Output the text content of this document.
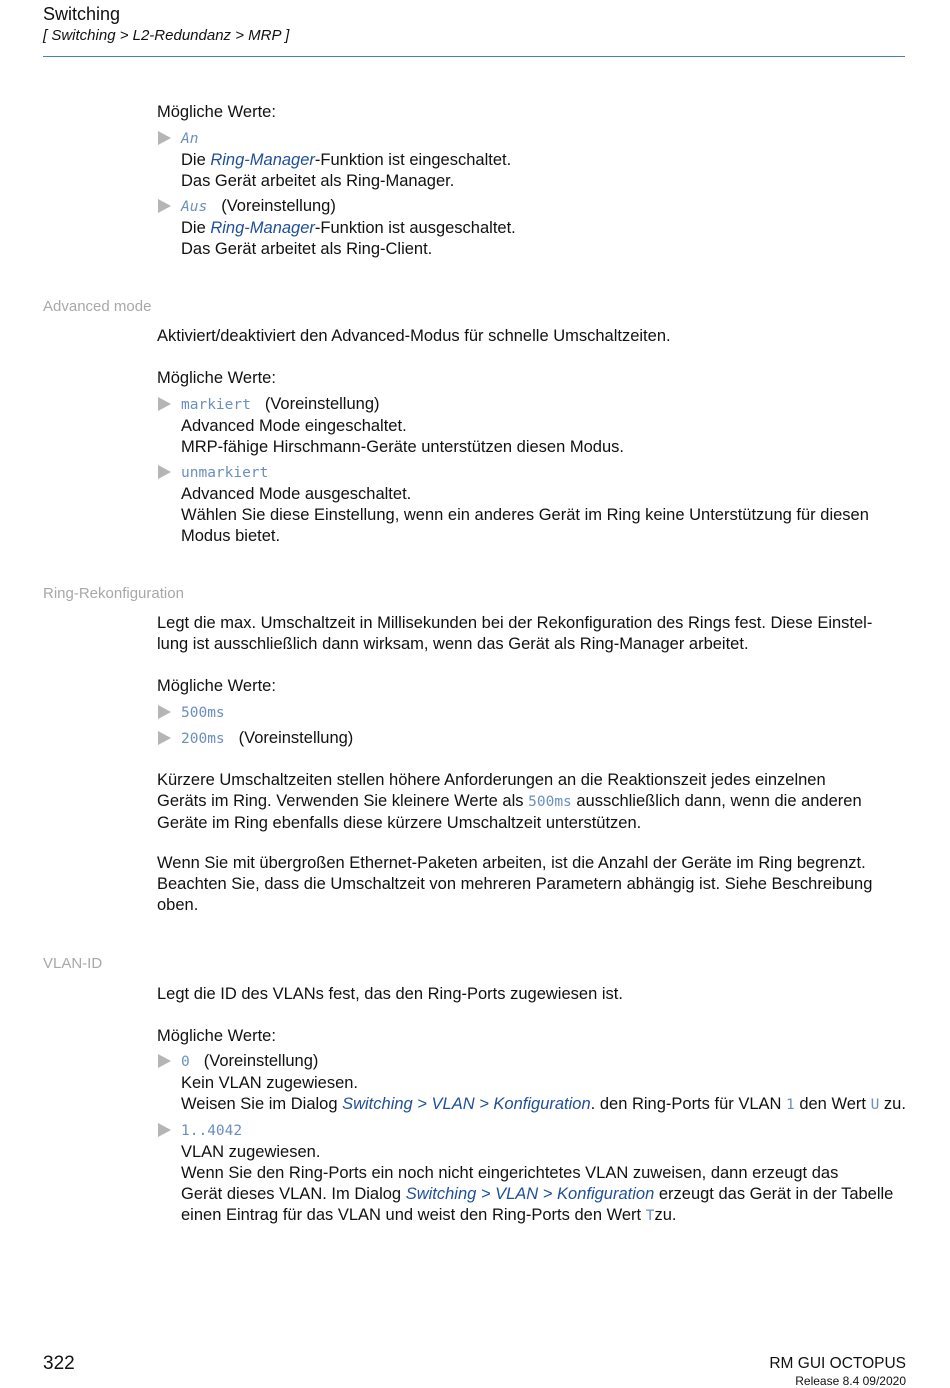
Switching
[ Switching > L2-Redundanz > MRP ]
Mögliche Werte:
An
Die Ring-Manager-Funktion ist eingeschaltet.
Das Gerät arbeitet als Ring-Manager.
Aus (Voreinstellung)
Die Ring-Manager-Funktion ist ausgeschaltet.
Das Gerät arbeitet als Ring-Client.
Advanced mode
Aktiviert/deaktiviert den Advanced-Modus für schnelle Umschaltzeiten.
Mögliche Werte:
markiert (Voreinstellung)
Advanced Mode eingeschaltet.
MRP-fähige Hirschmann-Geräte unterstützen diesen Modus.
unmarkiert
Advanced Mode ausgeschaltet.
Wählen Sie diese Einstellung, wenn ein anderes Gerät im Ring keine Unterstützung für diesen
Modus bietet.
Ring-Rekonfiguration
Legt die max. Umschaltzeit in Millisekunden bei der Rekonfiguration des Rings fest. Diese Einstel-
lung ist ausschließlich dann wirksam, wenn das Gerät als Ring-Manager arbeitet.
Mögliche Werte:
500ms
200ms (Voreinstellung)
Kürzere Umschaltzeiten stellen höhere Anforderungen an die Reaktionszeit jedes einzelnen
Geräts im Ring. Verwenden Sie kleinere Werte als 500ms ausschließlich dann, wenn die anderen
Geräte im Ring ebenfalls diese kürzere Umschaltzeit unterstützen.
Wenn Sie mit übergroßen Ethernet-Paketen arbeiten, ist die Anzahl der Geräte im Ring begrenzt.
Beachten Sie, dass die Umschaltzeit von mehreren Parametern abhängig ist. Siehe Beschreibung
oben.
VLAN-ID
Legt die ID des VLANs fest, das den Ring-Ports zugewiesen ist.
Mögliche Werte:
0 (Voreinstellung)
Kein VLAN zugewiesen.
Weisen Sie im Dialog Switching > VLAN > Konfiguration. den Ring-Ports für VLAN 1 den Wert U zu.
1..4042
VLAN zugewiesen.
Wenn Sie den Ring-Ports ein noch nicht eingerichtetes VLAN zuweisen, dann erzeugt das
Gerät dieses VLAN. Im Dialog Switching > VLAN > Konfiguration erzeugt das Gerät in der Tabelle
einen Eintrag für das VLAN und weist den Ring-Ports den Wert Tzu.
322	RM GUI OCTOPUS
Release 8.4 09/2020
